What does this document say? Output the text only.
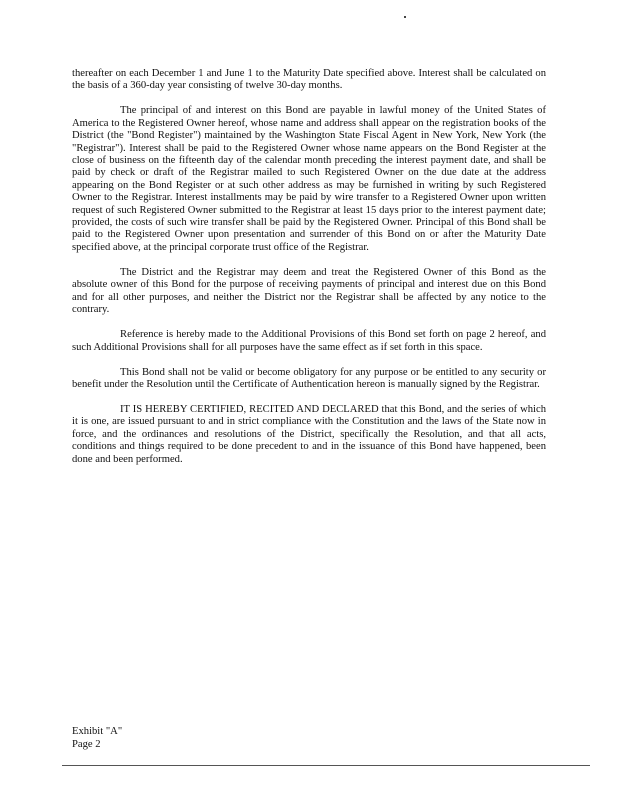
thereafter on each December 1 and June 1 to the Maturity Date specified above. Interest shall be calculated on the basis of a 360-day year consisting of twelve 30-day months.

The principal of and interest on this Bond are payable in lawful money of the United States of America to the Registered Owner hereof, whose name and address shall appear on the registration books of the District (the "Bond Register") maintained by the Washington State Fiscal Agent in New York, New York (the "Registrar"). Interest shall be paid to the Registered Owner whose name appears on the Bond Register at the close of business on the fifteenth day of the calendar month preceding the interest payment date, and shall be paid by check or draft of the Registrar mailed to such Registered Owner on the due date at the address appearing on the Bond Register or at such other address as may be furnished in writing by such Registered Owner to the Registrar. Interest installments may be paid by wire transfer to a Registered Owner upon written request of such Registered Owner submitted to the Registrar at least 15 days prior to the interest payment date; provided, the costs of such wire transfer shall be paid by the Registered Owner. Principal of this Bond shall be paid to the Registered Owner upon presentation and surrender of this Bond on or after the Maturity Date specified above, at the principal corporate trust office of the Registrar.

The District and the Registrar may deem and treat the Registered Owner of this Bond as the absolute owner of this Bond for the purpose of receiving payments of principal and interest due on this Bond and for all other purposes, and neither the District nor the Registrar shall be affected by any notice to the contrary.

Reference is hereby made to the Additional Provisions of this Bond set forth on page 2 hereof, and such Additional Provisions shall for all purposes have the same effect as if set forth in this space.

This Bond shall not be valid or become obligatory for any purpose or be entitled to any security or benefit under the Resolution until the Certificate of Authentication hereon is manually signed by the Registrar.

IT IS HEREBY CERTIFIED, RECITED AND DECLARED that this Bond, and the series of which it is one, are issued pursuant to and in strict compliance with the Constitution and the laws of the State now in force, and the ordinances and resolutions of the District, specifically the Resolution, and that all acts, conditions and things required to be done precedent to and in the issuance of this Bond have happened, been done and been performed.

Exhibit "A"
Page 2
